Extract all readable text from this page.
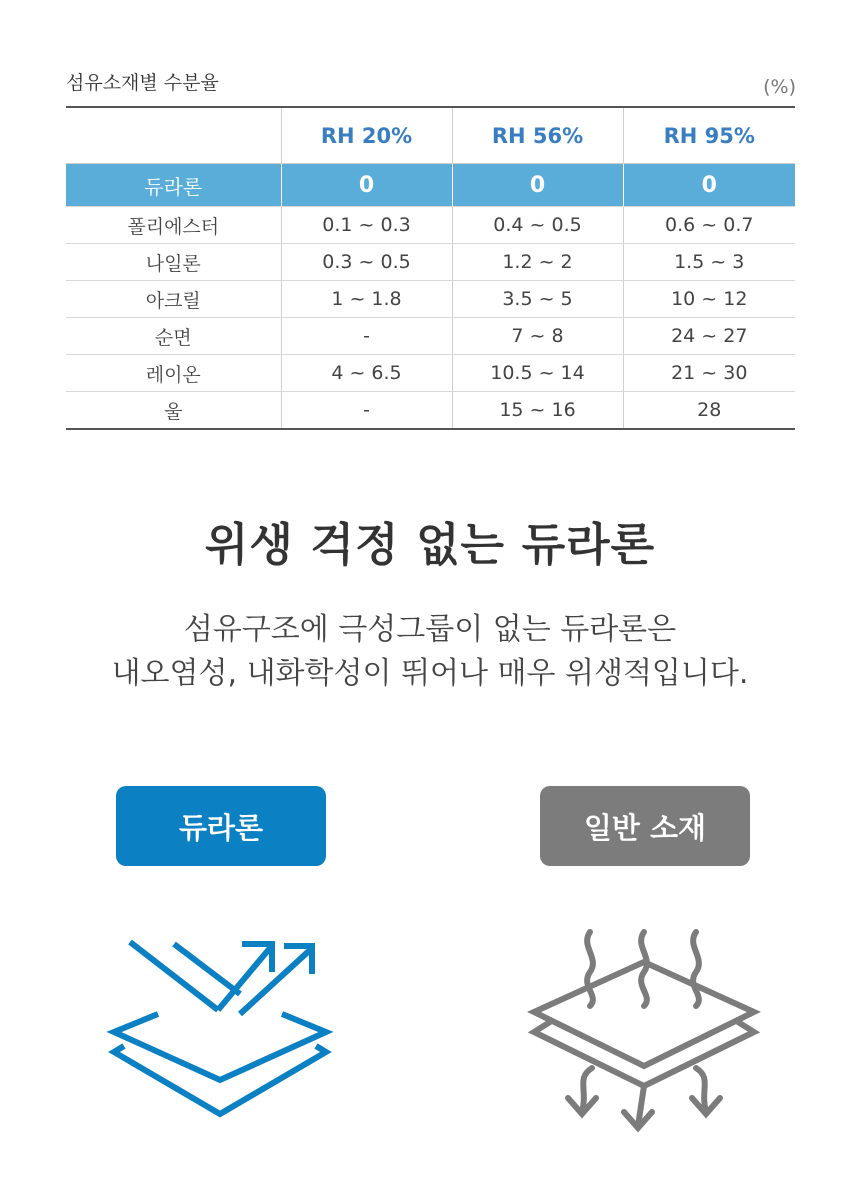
섬유소재별 수분율	(%)
	RH 20%	RH 56%	RH 95%
듀라론	0	0	0
폴리에스터	0.1 ~ 0.3	0.4 ~ 0.5	0.6 ~ 0.7
나일론	0.3 ~ 0.5	1.2 ~ 2	1.5 ~ 3
아크릴	1 ~ 1.8	3.5 ~ 5	10 ~ 12
순면	-	7 ~ 8	24 ~ 27
레이온	4 ~ 6.5	10.5 ~ 14	21 ~ 30
울	-	15 ~ 16	28
위생 걱정 없는 듀라론
섬유구조에 극성그룹이 없는 듀라론은
내오염성, 내화학성이 뛰어나 매우 위생적입니다.
듀라론	일반 소재
